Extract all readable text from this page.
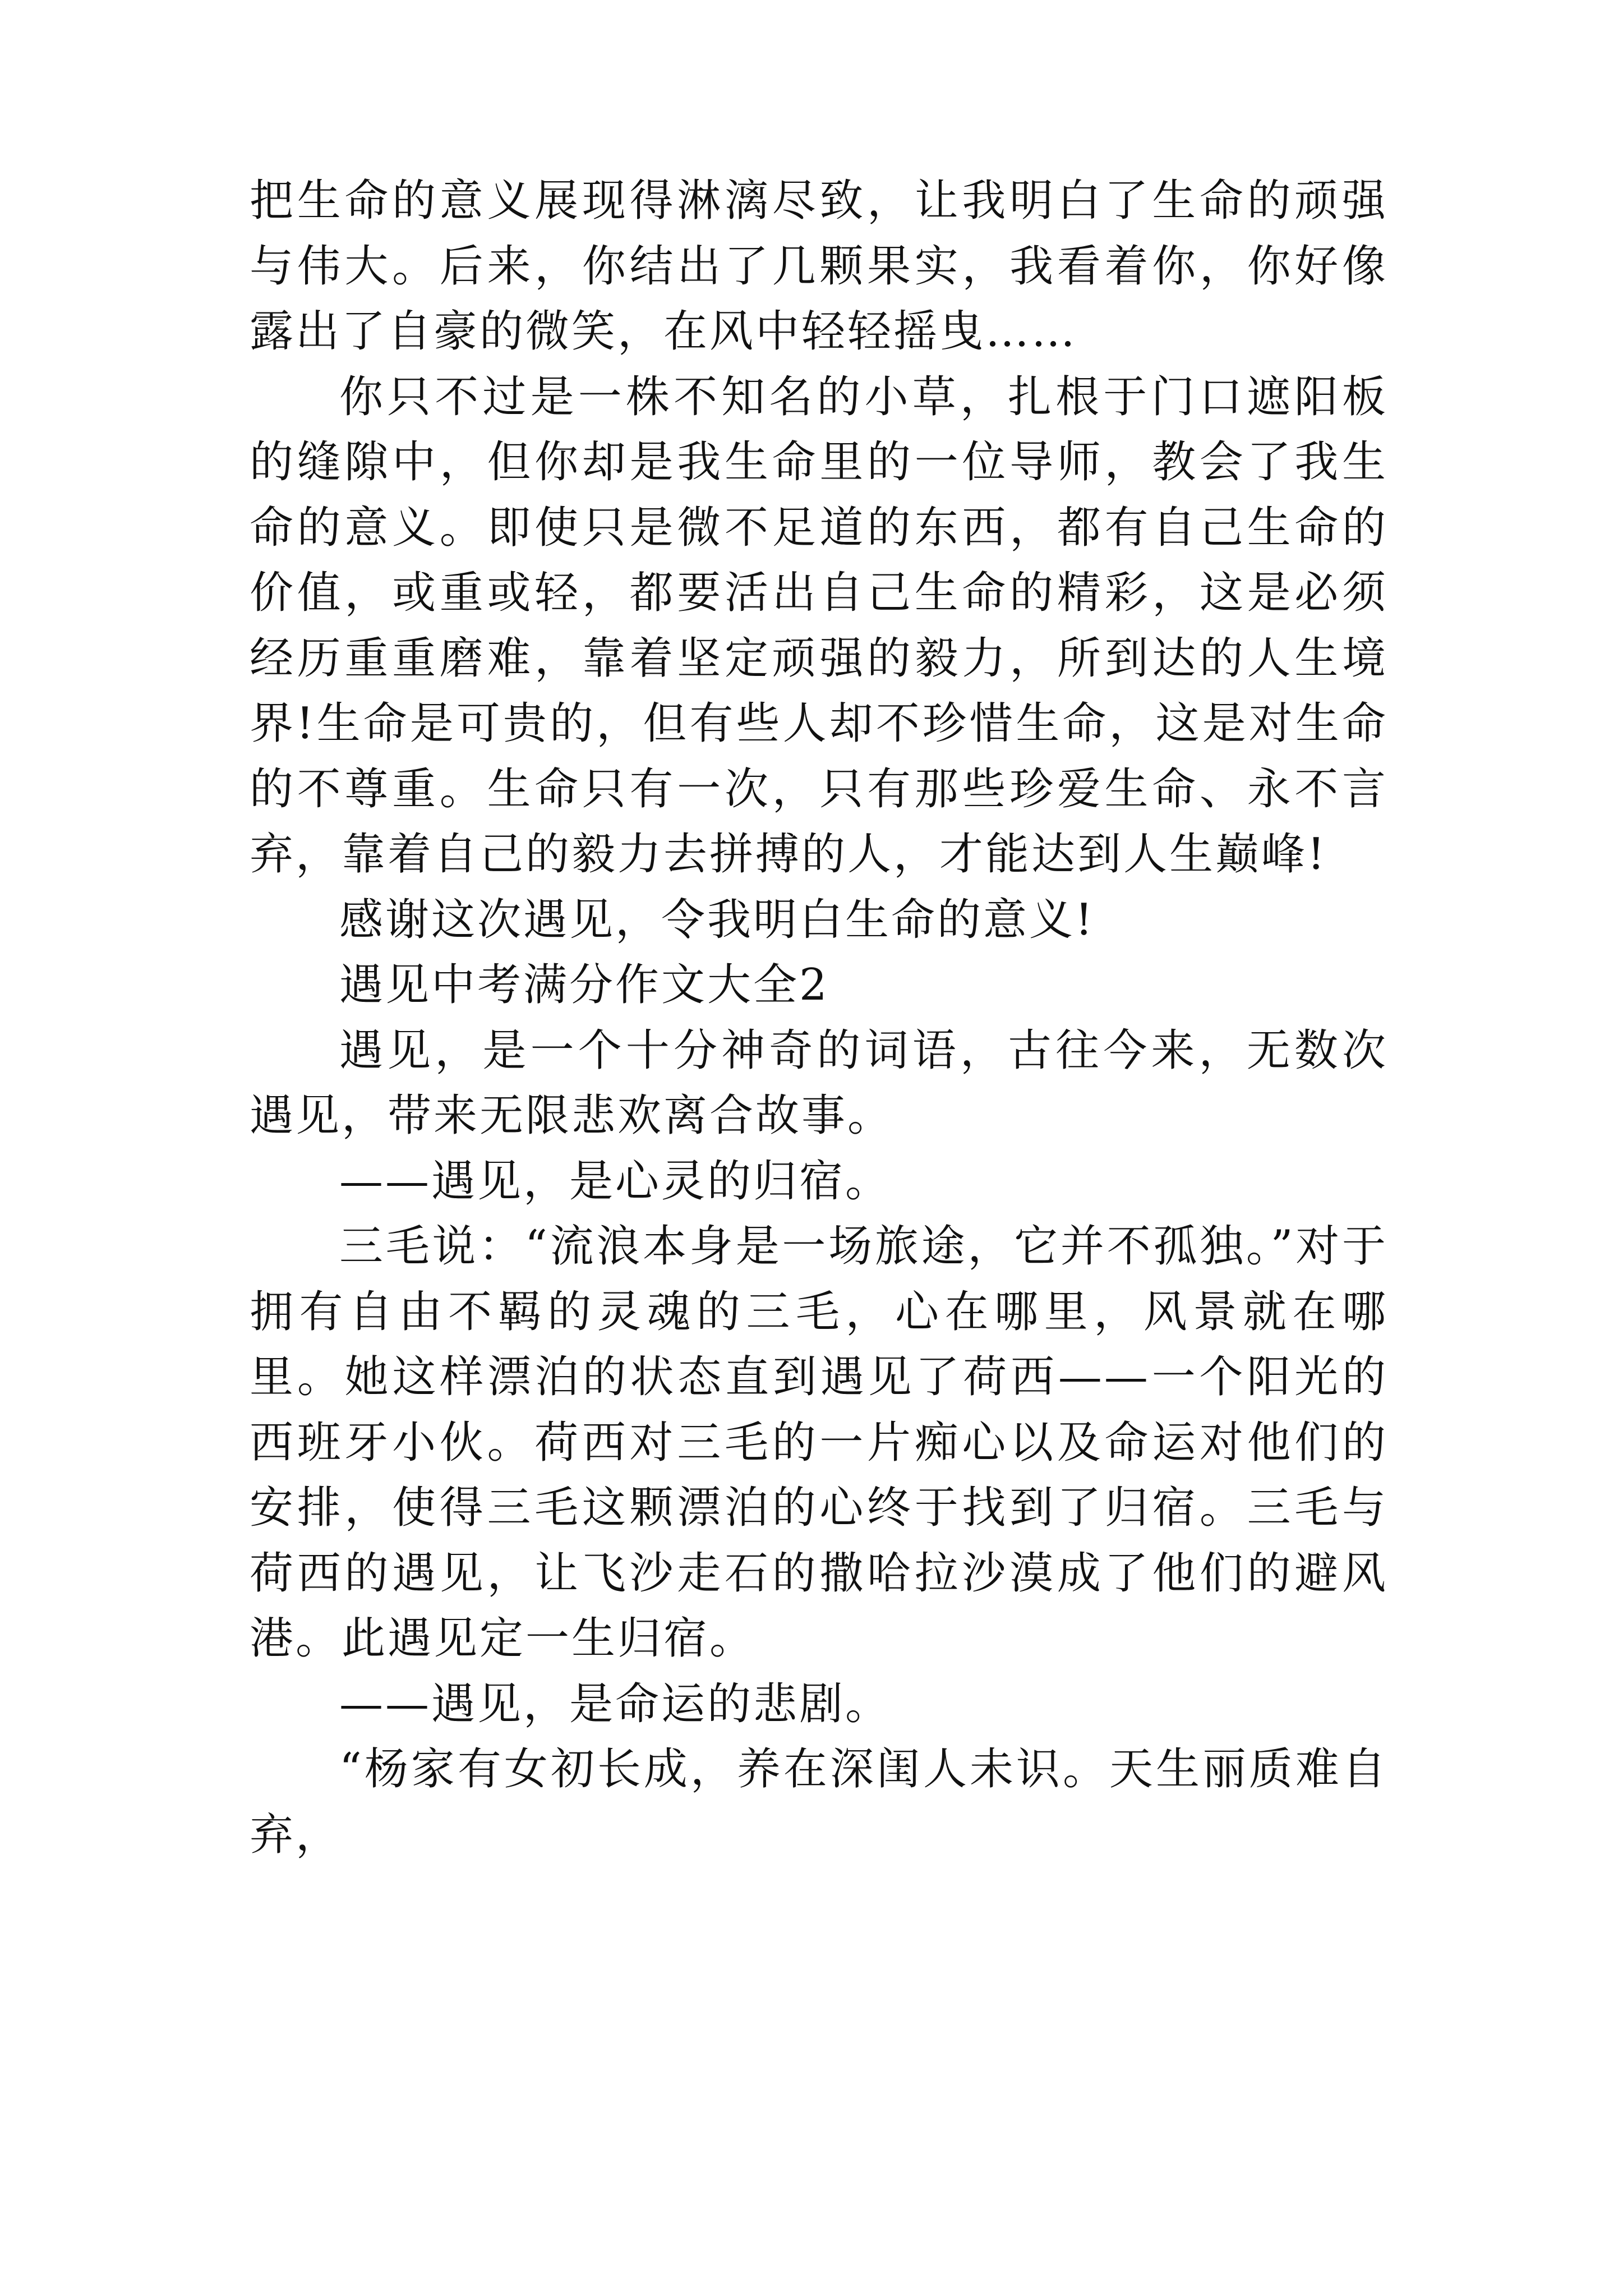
把生命的意义展现得淋漓尽致，让我明白了生命的顽强与伟大。后来，你结出了几颗果实，我看着你，你好像露出了自豪的微笑，在风中轻轻摇曳……

你只不过是一株不知名的小草，扎根于门口遮阳板的缝隙中，但你却是我生命里的一位导师，教会了我生命的意义。即使只是微不足道的东西，都有自己生命的价值，或重或轻，都要活出自己生命的精彩，这是必须经历重重磨难，靠着坚定顽强的毅力，所到达的人生境界!生命是可贵的，但有些人却不珍惜生命，这是对生命的不尊重。生命只有一次，只有那些珍爱生命、永不言弃，靠着自己的毅力去拼搏的人，才能达到人生巅峰!

感谢这次遇见，令我明白生命的意义!

遇见中考满分作文大全2

遇见，是一个十分神奇的词语，古往今来，无数次遇见，带来无限悲欢离合故事。

——遇见，是心灵的归宿。

三毛说：“流浪本身是一场旅途，它并不孤独。”对于拥有自由不羁的灵魂的三毛，心在哪里，风景就在哪里。她这样漂泊的状态直到遇见了荷西——一个阳光的西班牙小伙。荷西对三毛的一片痴心以及命运对他们的安排，使得三毛这颗漂泊的心终于找到了归宿。三毛与荷西的遇见，让飞沙走石的撒哈拉沙漠成了他们的避风港。此遇见定一生归宿。

——遇见，是命运的悲剧。

“杨家有女初长成，养在深闺人未识。天生丽质难自弃，
